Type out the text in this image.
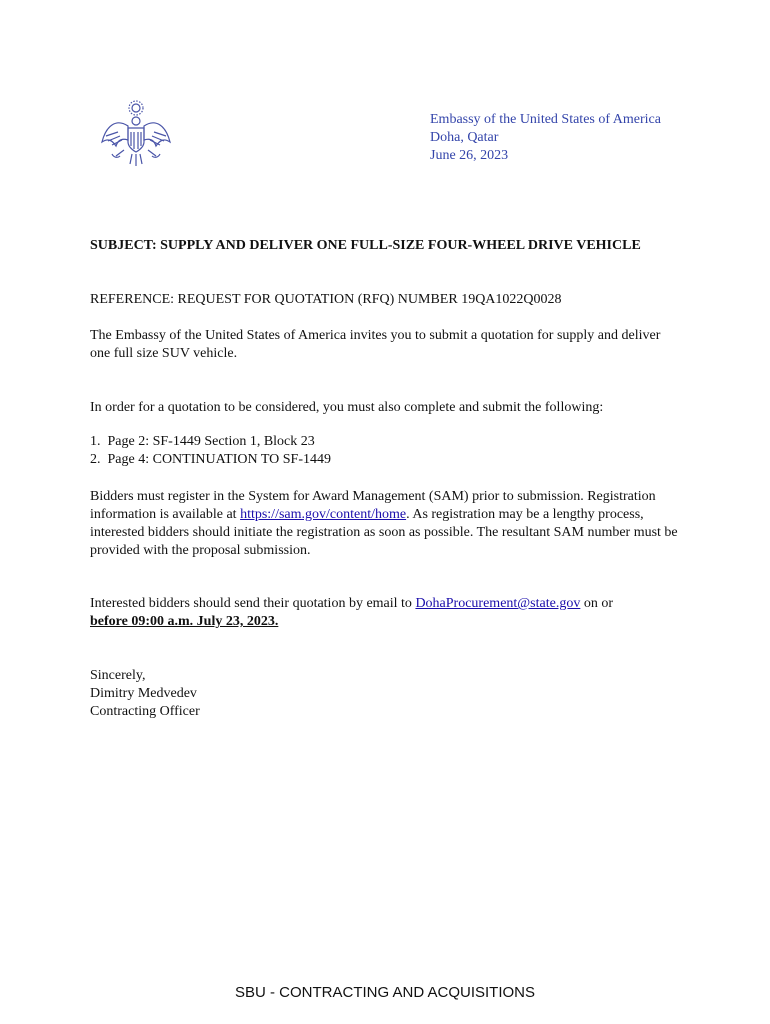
Embassy of the United States of America
Doha, Qatar
June 26, 2023
SUBJECT: SUPPLY AND DELIVER ONE FULL-SIZE FOUR-WHEEL DRIVE VEHICLE
REFERENCE: REQUEST FOR QUOTATION (RFQ) NUMBER 19QA1022Q0028
The Embassy of the United States of America invites you to submit a quotation for supply and deliver one full size SUV vehicle.
In order for a quotation to be considered, you must also complete and submit the following:
1. Page 2: SF-1449 Section 1, Block 23
2. Page 4: CONTINUATION TO SF-1449
Bidders must register in the System for Award Management (SAM) prior to submission. Registration information is available at https://sam.gov/content/home. As registration may be a lengthy process, interested bidders should initiate the registration as soon as possible. The resultant SAM number must be provided with the proposal submission.
Interested bidders should send their quotation by email to DohaProcurement@state.gov on or
before 09:00 a.m. July 23, 2023.
Sincerely,
Dimitry Medvedev
Contracting Officer
SBU - CONTRACTING AND ACQUISITIONS
